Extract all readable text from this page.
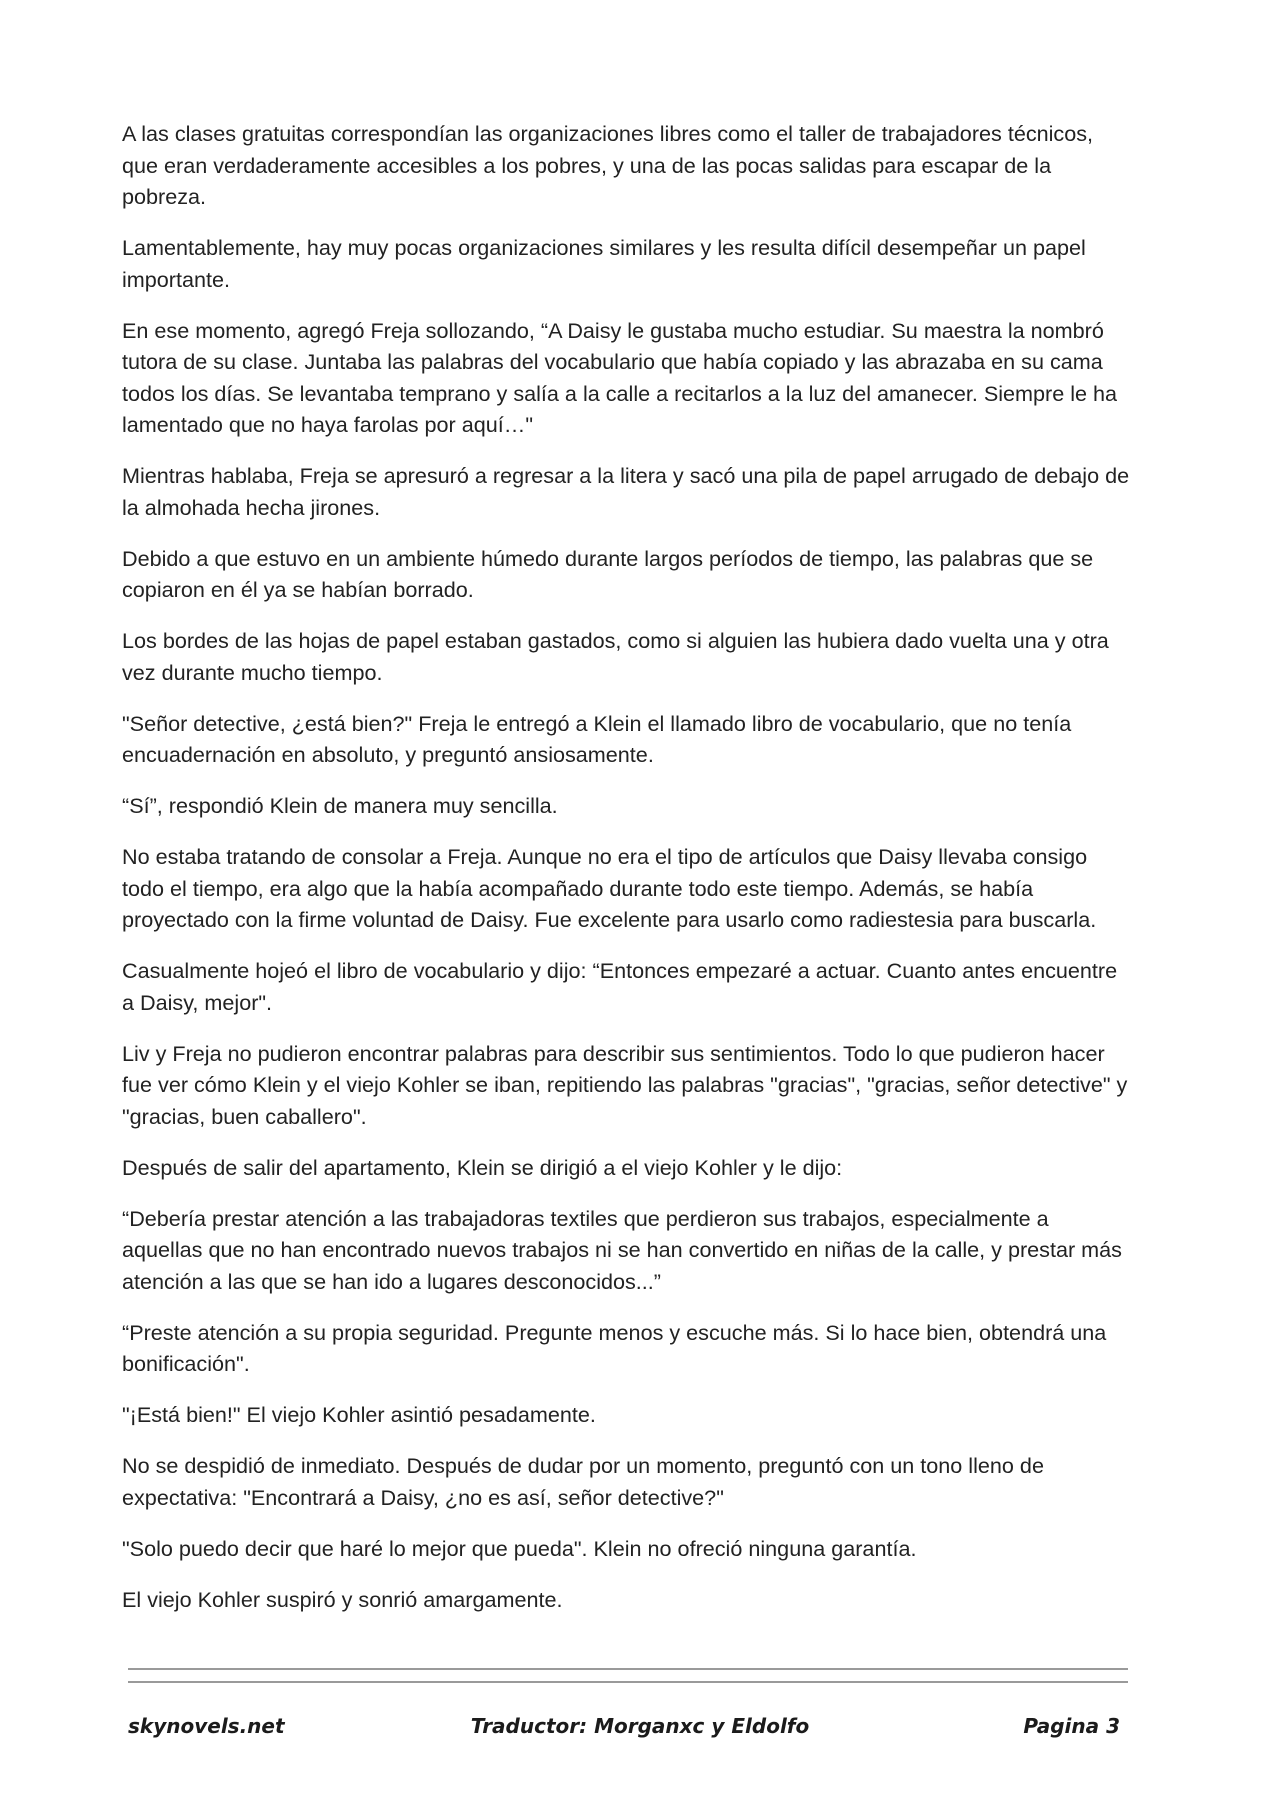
A las clases gratuitas correspondían las organizaciones libres como el taller de trabajadores técnicos, que eran verdaderamente accesibles a los pobres, y una de las pocas salidas para escapar de la pobreza.

Lamentablemente, hay muy pocas organizaciones similares y les resulta difícil desempeñar un papel importante.

En ese momento, agregó Freja sollozando, “A Daisy le gustaba mucho estudiar. Su maestra la nombró tutora de su clase. Juntaba las palabras del vocabulario que había copiado y las abrazaba en su cama todos los días. Se levantaba temprano y salía a la calle a recitarlos a la luz del amanecer. Siempre le ha lamentado que no haya farolas por aquí…"

Mientras hablaba, Freja se apresuró a regresar a la litera y sacó una pila de papel arrugado de debajo de la almohada hecha jirones.

Debido a que estuvo en un ambiente húmedo durante largos períodos de tiempo, las palabras que se copiaron en él ya se habían borrado.

Los bordes de las hojas de papel estaban gastados, como si alguien las hubiera dado vuelta una y otra vez durante mucho tiempo.

"Señor detective, ¿está bien?" Freja le entregó a Klein el llamado libro de vocabulario, que no tenía encuadernación en absoluto, y preguntó ansiosamente.

“Sí”, respondió Klein de manera muy sencilla.

No estaba tratando de consolar a Freja. Aunque no era el tipo de artículos que Daisy llevaba consigo todo el tiempo, era algo que la había acompañado durante todo este tiempo. Además, se había proyectado con la firme voluntad de Daisy. Fue excelente para usarlo como radiestesia para buscarla.

Casualmente hojeó el libro de vocabulario y dijo: “Entonces empezaré a actuar. Cuanto antes encuentre a Daisy, mejor".

Liv y Freja no pudieron encontrar palabras para describir sus sentimientos. Todo lo que pudieron hacer fue ver cómo Klein y el viejo Kohler se iban, repitiendo las palabras "gracias", "gracias, señor detective" y "gracias, buen caballero".

Después de salir del apartamento, Klein se dirigió a el viejo Kohler y le dijo:

“Debería prestar atención a las trabajadoras textiles que perdieron sus trabajos, especialmente a aquellas que no han encontrado nuevos trabajos ni se han convertido en niñas de la calle, y prestar más atención a las que se han ido a lugares desconocidos...”

“Preste atención a su propia seguridad. Pregunte menos y escuche más. Si lo hace bien, obtendrá una bonificación".

"¡Está bien!" El viejo Kohler asintió pesadamente.

No se despidió de inmediato. Después de dudar por un momento, preguntó con un tono lleno de expectativa: "Encontrará a Daisy, ¿no es así, señor detective?"

"Solo puedo decir que haré lo mejor que pueda". Klein no ofreció ninguna garantía.

El viejo Kohler suspiró y sonrió amargamente.

skynovels.net	Traductor: Morganxc y Eldolfo	Pagina 3
